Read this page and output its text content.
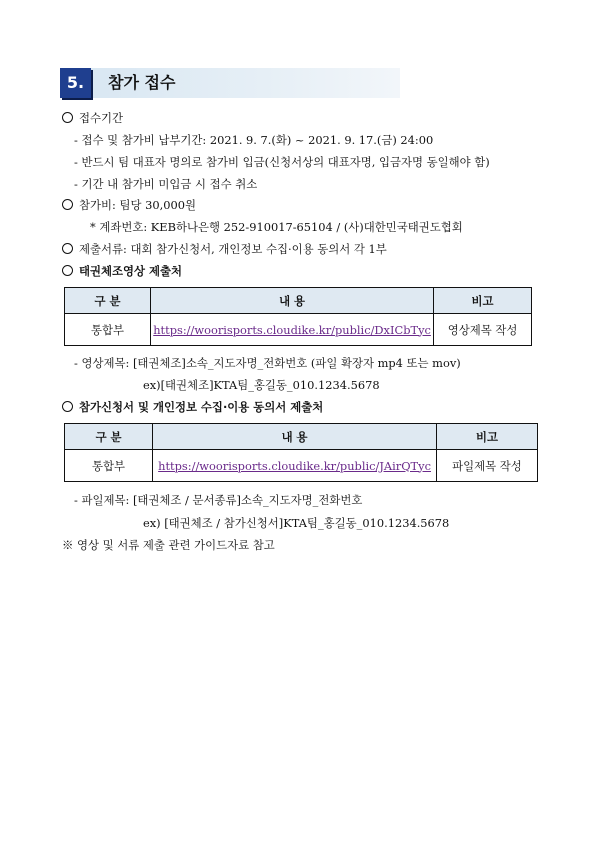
5.	참가 접수
접수기간
- 접수 및 참가비 납부기간: 2021. 9. 7.(화) ~ 2021. 9. 17.(금) 24:00
- 반드시 팀 대표자 명의로 참가비 입금(신청서상의 대표자명, 입금자명 동일해야 함)
- 기간 내 참가비 미입금 시 접수 취소
참가비: 팀당 30,000원
* 계좌번호: KEB하나은행 252-910017-65104 / (사)대한민국태권도협회
제출서류: 대회 참가신청서, 개인정보 수집·이용 동의서 각 1부
태권체조영상 제출처
구 분	내 용	비고
통합부	https://woorisports.cloudike.kr/public/DxICbTyc	영상제목 작성
- 영상제목: [태권체조]소속_지도자명_전화번호 (파일 확장자 mp4 또는 mov)
ex)[태권체조]KTA팀_홍길동_010.1234.5678
참가신청서 및 개인정보 수집·이용 동의서 제출처
구 분	내 용	비고
통합부	https://woorisports.cloudike.kr/public/JAirQTyc	파일제목 작성
- 파일제목: [태권체조 / 문서종류]소속_지도자명_전화번호
ex) [태권체조 / 참가신청서]KTA팀_홍길동_010.1234.5678
※ 영상 및 서류 제출 관련 가이드자료 참고
